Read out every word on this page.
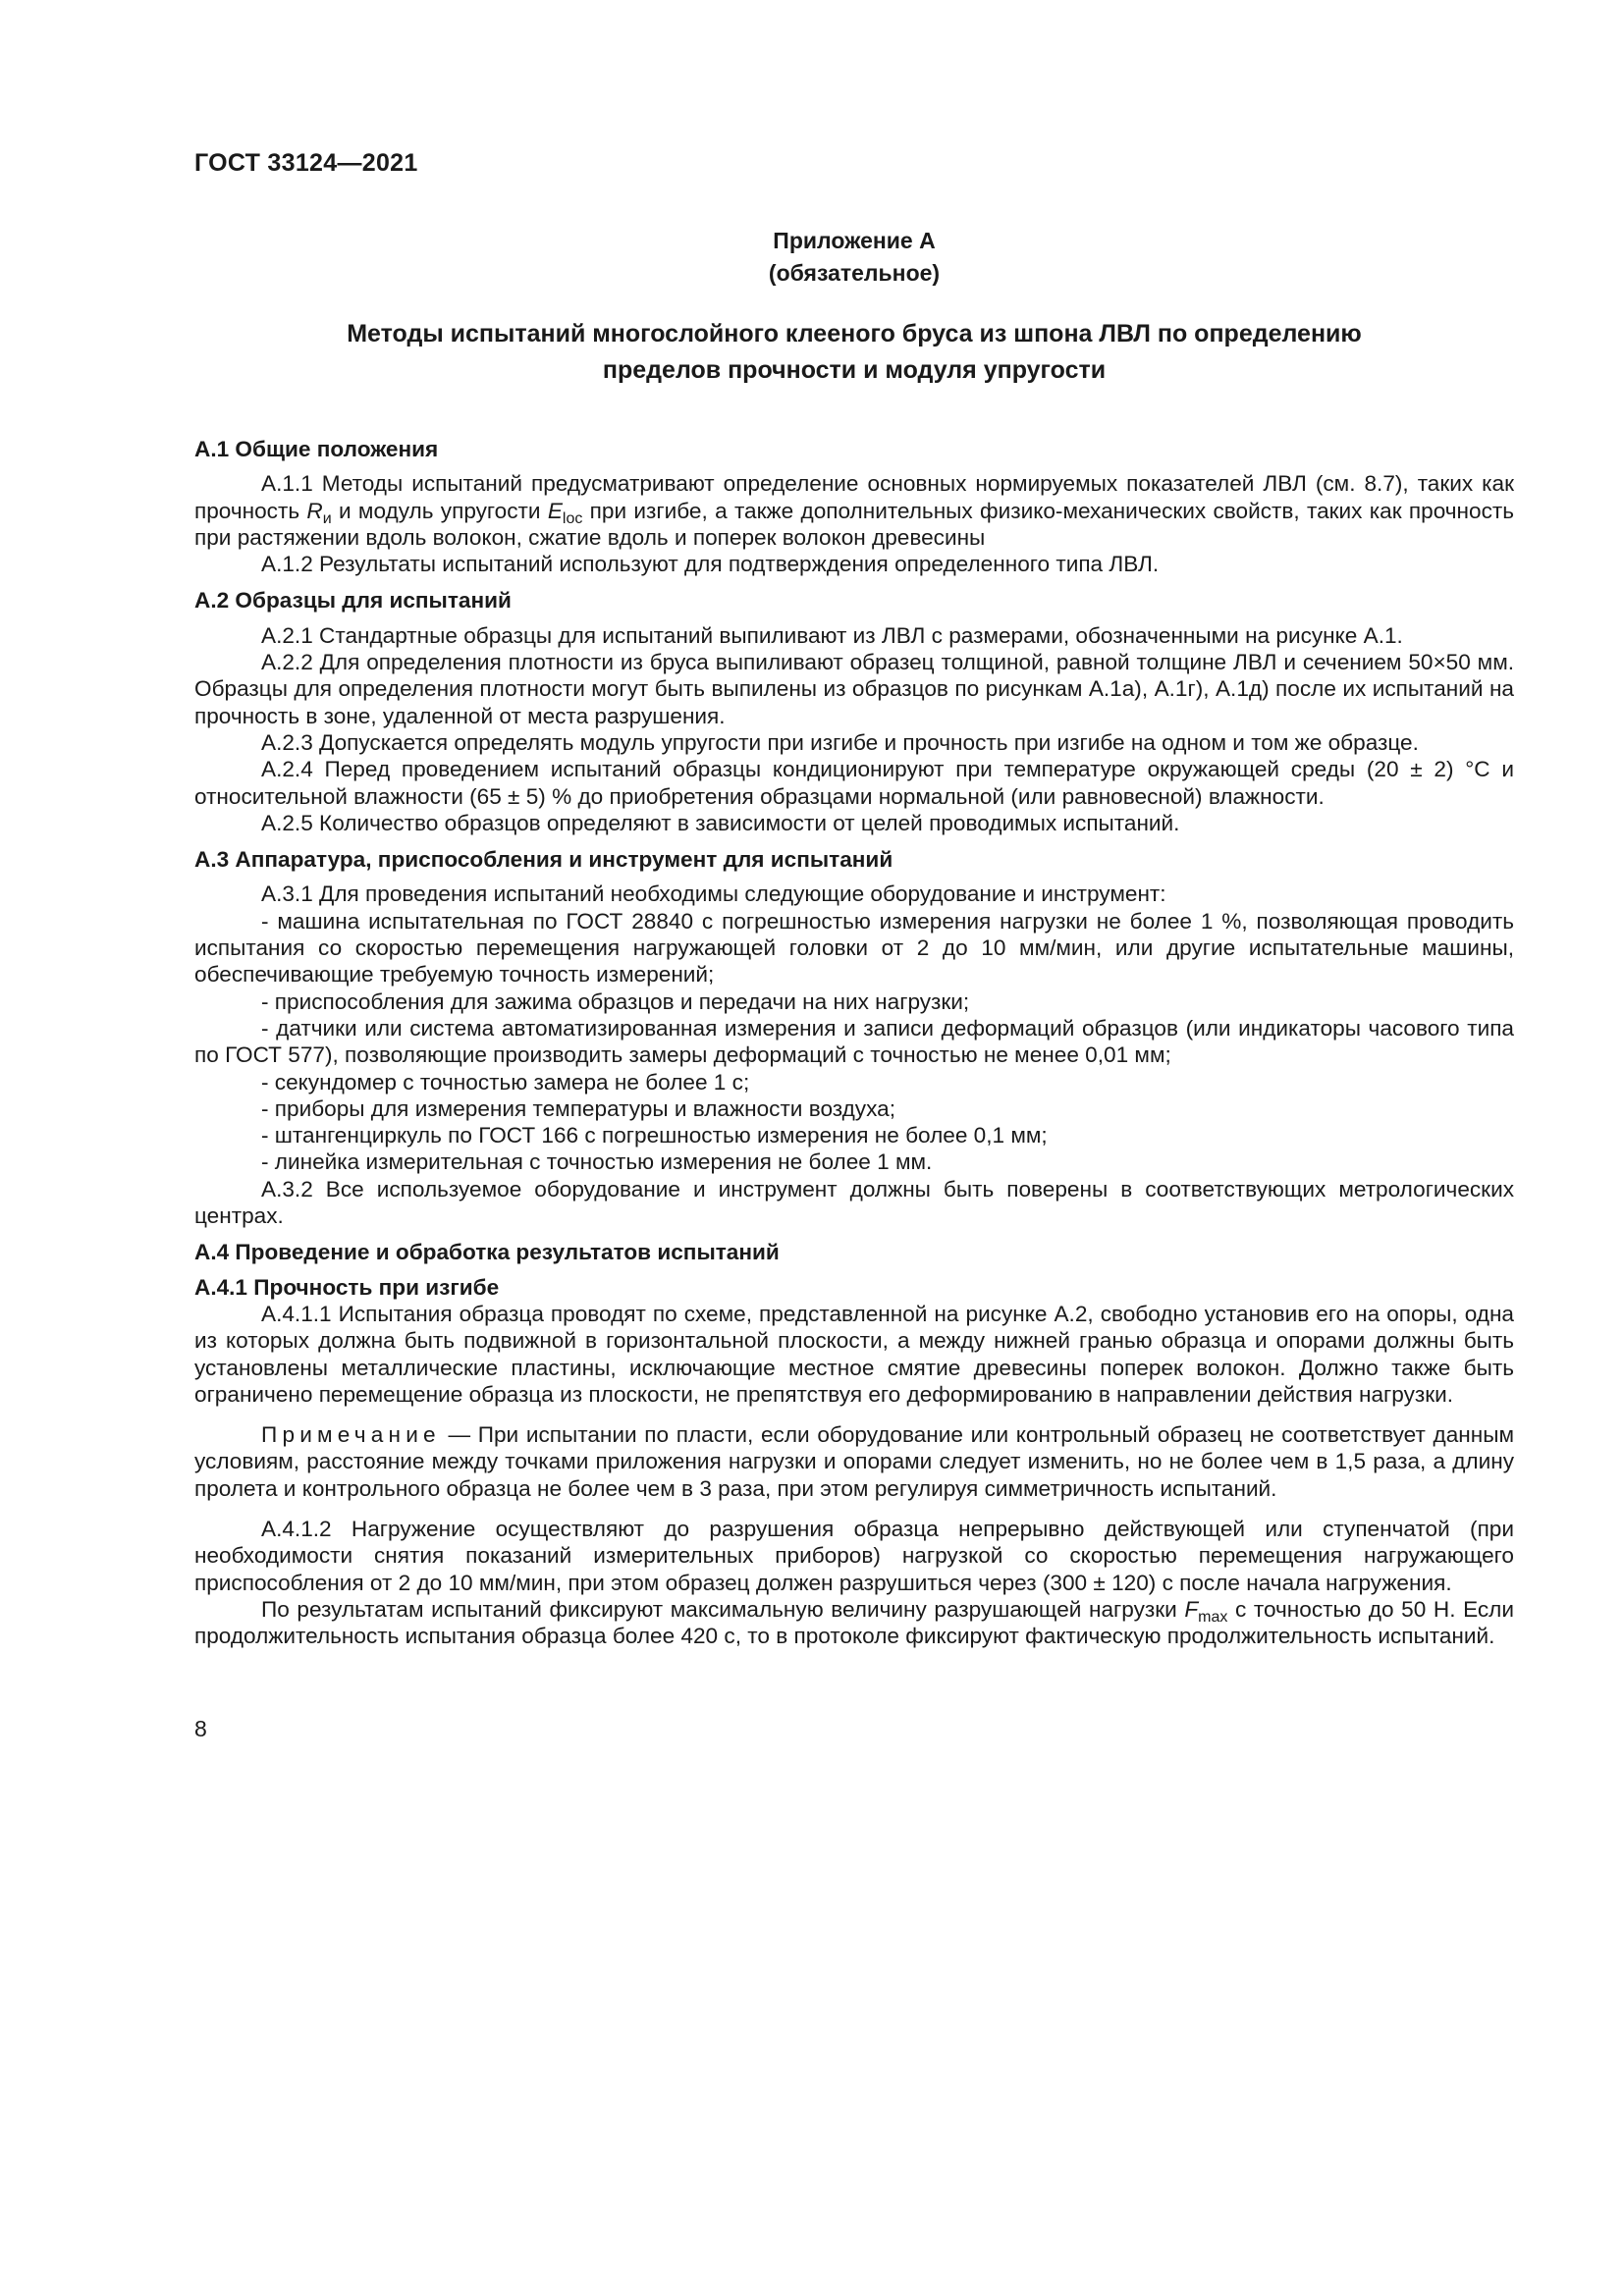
ГОСТ 33124—2021
Приложение А
(обязательное)
Методы испытаний многослойного клееного бруса из шпона ЛВЛ по определению
пределов прочности и модуля упругости

А.1 Общие положения

А.1.1 Методы испытаний предусматривают определение основных нормируемых показателей ЛВЛ (см. 8.7), таких как прочность $R_и$ и модуль упругости $E_{loc}$ при изгибе, а также дополнительных физико-механических свойств, таких как прочность при растяжении вдоль волокон, сжатие вдоль и поперек волокон древесины

А.1.2 Результаты испытаний используют для подтверждения определенного типа ЛВЛ.

А.2 Образцы для испытаний

А.2.1 Стандартные образцы для испытаний выпиливают из ЛВЛ с размерами, обозначенными на рисунке А.1.

А.2.2 Для определения плотности из бруса выпиливают образец толщиной, равной толщине ЛВЛ и сечением 50×50 мм. Образцы для определения плотности могут быть выпилены из образцов по рисункам А.1а), А.1г), А.1д) после их испытаний на прочность в зоне, удаленной от места разрушения.

А.2.3 Допускается определять модуль упругости при изгибе и прочность при изгибе на одном и том же образце.

А.2.4 Перед проведением испытаний образцы кондиционируют при температуре окружающей среды (20 ± 2) °С и относительной влажности (65 ± 5) % до приобретения образцами нормальной (или равновесной) влажности.

А.2.5 Количество образцов определяют в зависимости от целей проводимых испытаний.

А.3 Аппаратура, приспособления и инструмент для испытаний

А.3.1 Для проведения испытаний необходимы следующие оборудование и инструмент:

- машина испытательная по ГОСТ 28840 с погрешностью измерения нагрузки не более 1 %, позволяющая проводить испытания со скоростью перемещения нагружающей головки от 2 до 10 мм/мин, или другие испытательные машины, обеспечивающие требуемую точность измерений;

- приспособления для зажима образцов и передачи на них нагрузки;

- датчики или система автоматизированная измерения и записи деформаций образцов (или индикаторы часового типа по ГОСТ 577), позволяющие производить замеры деформаций с точностью не менее 0,01 мм;

- секундомер с точностью замера не более 1 с;

- приборы для измерения температуры и влажности воздуха;

- штангенциркуль по ГОСТ 166 с погрешностью измерения не более 0,1 мм;

- линейка измерительная с точностью измерения не более 1 мм.

А.3.2 Все используемое оборудование и инструмент должны быть поверены в соответствующих метрологических центрах.

А.4 Проведение и обработка результатов испытаний

А.4.1 Прочность при изгибе

А.4.1.1 Испытания образца проводят по схеме, представленной на рисунке А.2, свободно установив его на опоры, одна из которых должна быть подвижной в горизонтальной плоскости, а между нижней гранью образца и опорами должны быть установлены металлические пластины, исключающие местное смятие древесины поперек волокон. Должно также быть ограничено перемещение образца из плоскости, не препятствуя его деформированию в направлении действия нагрузки.

Примечание — При испытании по пласти, если оборудование или контрольный образец не соответствует данным условиям, расстояние между точками приложения нагрузки и опорами следует изменить, но не более чем в 1,5 раза, а длину пролета и контрольного образца не более чем в 3 раза, при этом регулируя симметричность испытаний.

А.4.1.2 Нагружение осуществляют до разрушения образца непрерывно действующей или ступенчатой (при необходимости снятия показаний измерительных приборов) нагрузкой со скоростью перемещения нагружающего приспособления от 2 до 10 мм/мин, при этом образец должен разрушиться через (300 ± 120) с после начала нагружения.

По результатам испытаний фиксируют максимальную величину разрушающей нагрузки $F_{max}$ с точностью до 50 Н. Если продолжительность испытания образца более 420 с, то в протоколе фиксируют фактическую продолжительность испытаний.

8
